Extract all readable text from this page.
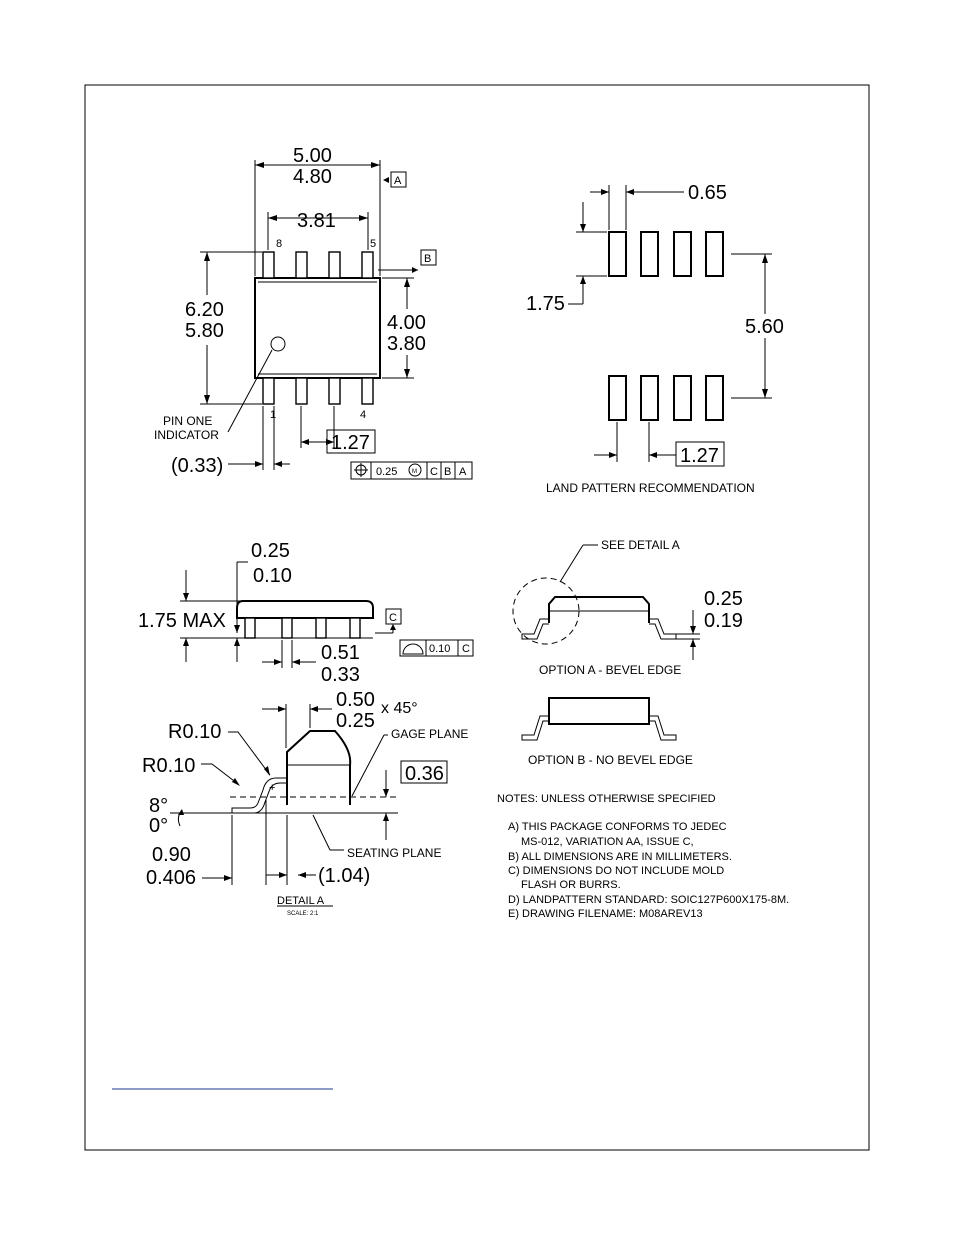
5.00
4.80	A
3.81
8	5
1	4
6.20
5.80
B
4.00
3.80
PIN ONE
INDICATOR
(0.33)
1.27
0.25 M C B A
0.65
1.75
5.60
1.27
LAND PATTERN RECOMMENDATION
1.75 MAX
0.25
0.10
C
0.51
0.33
0.10 C
SEE DETAIL A
0.25
0.19
OPTION A - BEVEL EDGE
OPTION B - NO BEVEL EDGE
+
0.50
0.25
x 45°
R0.10
R0.10
GAGE PLANE
0.36
SEATING PLANE
8°
0°
0.90
0.406	(1.04)
DETAIL A
SCALE: 2:1
NOTES: UNLESS OTHERWISE SPECIFIED
A) THIS PACKAGE CONFORMS TO JEDEC
MS-012, VARIATION AA, ISSUE C,
B) ALL DIMENSIONS ARE IN MILLIMETERS.
C) DIMENSIONS DO NOT INCLUDE MOLD
FLASH OR BURRS.
D) LANDPATTERN STANDARD: SOIC127P600X175-8M.
E) DRAWING FILENAME: M08AREV13
